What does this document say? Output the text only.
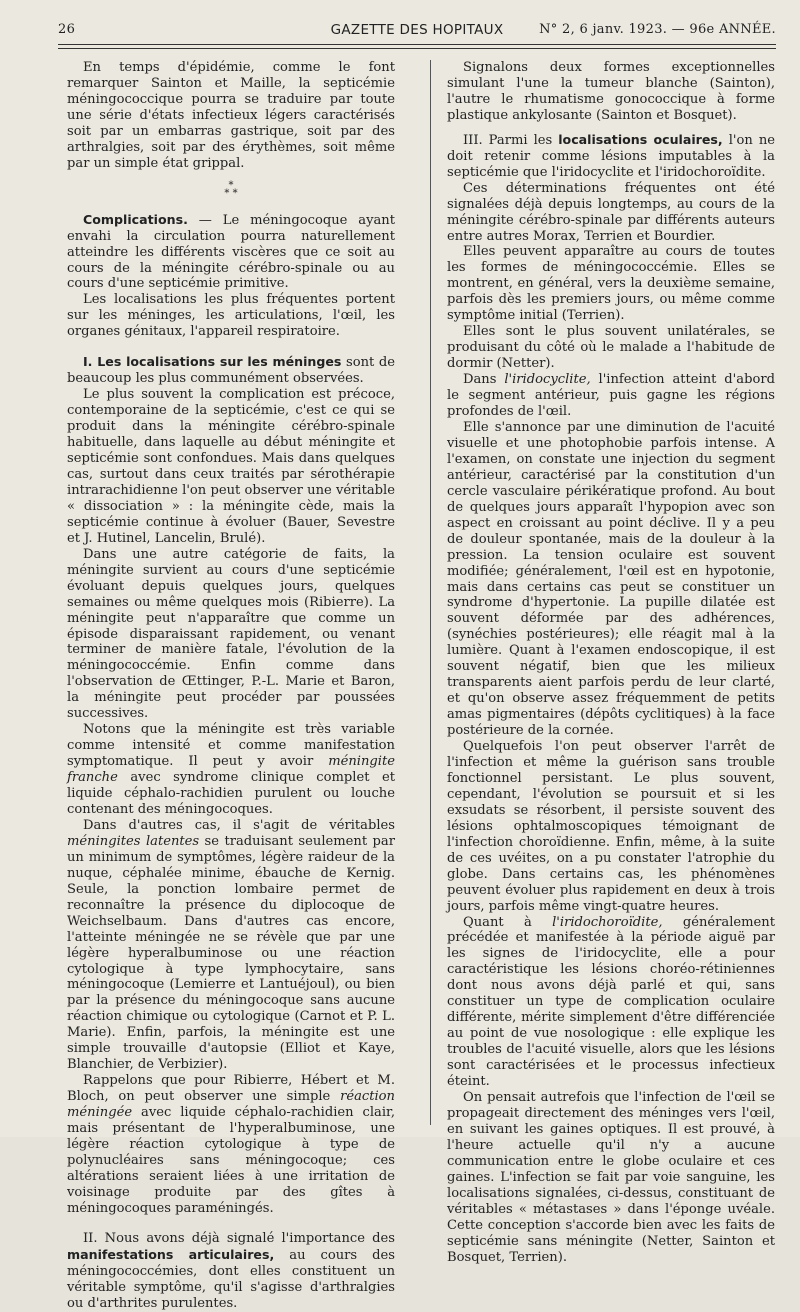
26	GAZETTE DES HOPITAUX	N° 2, 6 janv. 1923. — 96e ANNÉE.

En temps d'épidémie, comme le font remarquer Sainton et Maille, la septicémie méningococcique pourra se traduire par toute une série d'états infectieux légers caractérisés soit par un embarras gastrique, soit par des arthralgies, soit par des érythèmes, soit même par un simple état grippal.

*
* *

Complications. — Le méningocoque ayant envahi la circulation pourra naturellement atteindre les différents viscères que ce soit au cours de la méningite cérébro-spinale ou au cours d'une septicémie primitive.

Les localisations les plus fréquentes portent sur les méninges, les articulations, l'œil, les organes génitaux, l'appareil respiratoire.

I. Les localisations sur les méninges sont de beaucoup les plus communément observées.

Le plus souvent la complication est précoce, contemporaine de la septicémie, c'est ce qui se produit dans la méningite cérébro-spinale habituelle, dans laquelle au début méningite et septicémie sont confondues. Mais dans quelques cas, surtout dans ceux traités par sérothérapie intrarachidienne l'on peut observer une véritable « dissociation » : la méningite cède, mais la septicémie continue à évoluer (Bauer, Sevestre et J. Hutinel, Lancelin, Brulé).

Dans une autre catégorie de faits, la méningite survient au cours d'une septicémie évoluant depuis quelques jours, quelques semaines ou même quelques mois (Ribierre). La méningite peut n'apparaître que comme un épisode disparaissant rapidement, ou venant terminer de manière fatale, l'évolution de la méningococcémie. Enfin comme dans l'observation de Œttinger, P.-L. Marie et Baron, la méningite peut procéder par poussées successives.

Notons que la méningite est très variable comme intensité et comme manifestation symptomatique. Il peut y avoir méningite franche avec syndrome clinique complet et liquide céphalo-rachidien purulent ou louche contenant des méningocoques.

Dans d'autres cas, il s'agit de véritables méningites latentes se traduisant seulement par un minimum de symptômes, légère raideur de la nuque, céphalée minime, ébauche de Kernig. Seule, la ponction lombaire permet de reconnaître la présence du diplocoque de Weichselbaum. Dans d'autres cas encore, l'atteinte méningée ne se révèle que par une légère hyperalbuminose ou une réaction cytologique à type lymphocytaire, sans méningocoque (Lemierre et Lantuéjoul), ou bien par la présence du méningocoque sans aucune réaction chimique ou cytologique (Carnot et P. L. Marie). Enfin, parfois, la méningite est une simple trouvaille d'autopsie (Elliot et Kaye, Blanchier, de Verbizier).

Rappelons que pour Ribierre, Hébert et M. Bloch, on peut observer une simple réaction méningée avec liquide céphalo-rachidien clair, mais présentant de l'hyperalbuminose, une légère réaction cytologique à type de polynucléaires sans méningocoque; ces altérations seraient liées à une irritation de voisinage produite par des gîtes à méningocoques paraméningés.

II. Nous avons déjà signalé l'importance des manifestations articulaires, au cours des méningococcémies, dont elles constituent un véritable symptôme, qu'il s'agisse d'arthralgies ou d'arthrites purulentes.

Signalons deux formes exceptionnelles simulant l'une la tumeur blanche (Sainton), l'autre le rhumatisme gonococcique à forme plastique ankylosante (Sainton et Bosquet).

III. Parmi les localisations oculaires, l'on ne doit retenir comme lésions imputables à la septicémie que l'iridocyclite et l'iridochoroïdite.

Ces déterminations fréquentes ont été signalées déjà depuis longtemps, au cours de la méningite cérébro-spinale par différents auteurs entre autres Morax, Terrien et Bourdier.

Elles peuvent apparaître au cours de toutes les formes de méningococcémie. Elles se montrent, en général, vers la deuxième semaine, parfois dès les premiers jours, ou même comme symptôme initial (Terrien).

Elles sont le plus souvent unilatérales, se produisant du côté où le malade a l'habitude de dormir (Netter).

Dans l'iridocyclite, l'infection atteint d'abord le segment antérieur, puis gagne les régions profondes de l'œil.

Elle s'annonce par une diminution de l'acuité visuelle et une photophobie parfois intense. A l'examen, on constate une injection du segment antérieur, caractérisé par la constitution d'un cercle vasculaire périkératique profond. Au bout de quelques jours apparaît l'hypopion avec son aspect en croissant au point déclive. Il y a peu de douleur spontanée, mais de la douleur à la pression. La tension oculaire est souvent modifiée; généralement, l'œil est en hypotonie, mais dans certains cas peut se constituer un syndrome d'hypertonie. La pupille dilatée est souvent déformée par des adhérences, (synéchies postérieures); elle réagit mal à la lumière. Quant à l'examen endoscopique, il est souvent négatif, bien que les milieux transparents aient parfois perdu de leur clarté, et qu'on observe assez fréquemment de petits amas pigmentaires (dépôts cyclitiques) à la face postérieure de la cornée.

Quelquefois l'on peut observer l'arrêt de l'infection et même la guérison sans trouble fonctionnel persistant. Le plus souvent, cependant, l'évolution se poursuit et si les exsudats se résorbent, il persiste souvent des lésions ophtalmoscopiques témoignant de l'infection choroïdienne. Enfin, même, à la suite de ces uvéites, on a pu constater l'atrophie du globe. Dans certains cas, les phénomènes peuvent évoluer plus rapidement en deux à trois jours, parfois même vingt-quatre heures.

Quant à l'iridochoroïdite, généralement précédée et manifestée à la période aiguë par les signes de l'iridocyclite, elle a pour caractéristique les lésions choréo-rétiniennes dont nous avons déjà parlé et qui, sans constituer un type de complication oculaire différente, mérite simplement d'être différenciée au point de vue nosologique : elle explique les troubles de l'acuité visuelle, alors que les lésions sont caractérisées et le processus infectieux éteint.

On pensait autrefois que l'infection de l'œil se propageait directement des méninges vers l'œil, en suivant les gaines optiques. Il est prouvé, à l'heure actuelle qu'il n'y a aucune communication entre le globe oculaire et ces gaines. L'infection se fait par voie sanguine, les localisations signalées, ci-dessus, constituant de véritables « métastases » dans l'éponge uvéale. Cette conception s'accorde bien avec les faits de septicémie sans méningite (Netter, Sainton et Bosquet, Terrien).
